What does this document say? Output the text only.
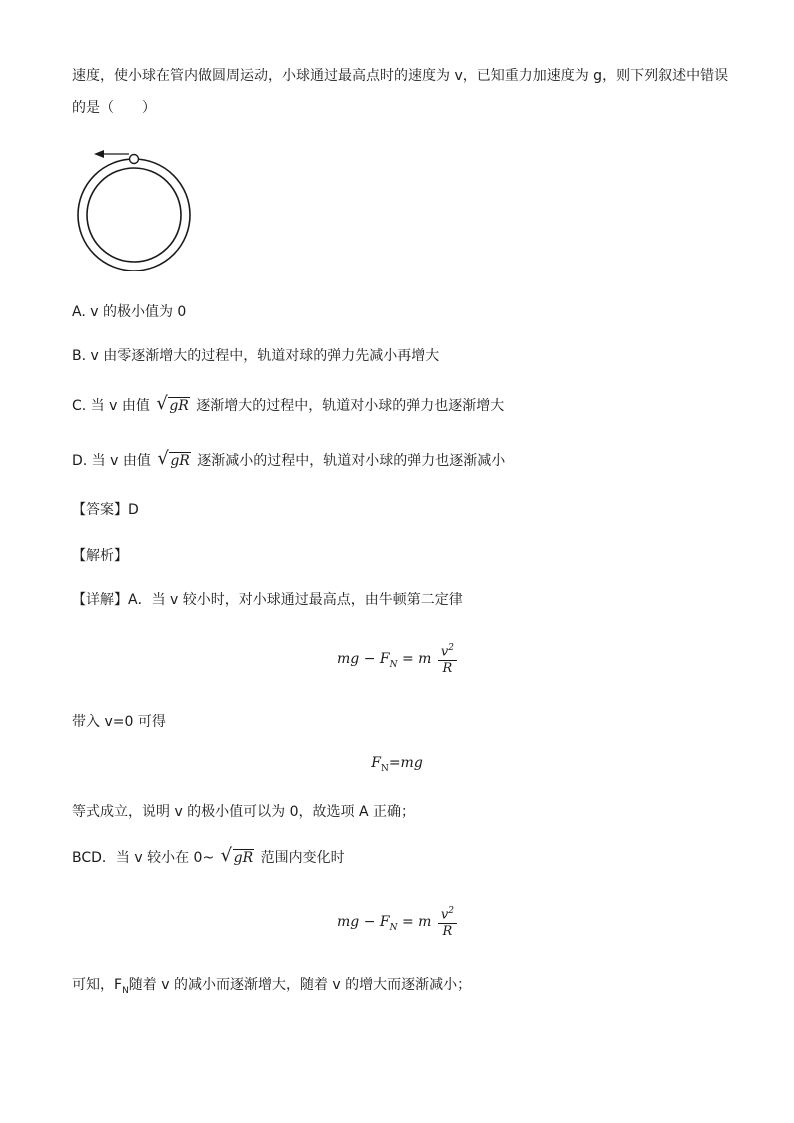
速度，使小球在管内做圆周运动，小球通过最高点时的速度为 v，已知重力加速度为 g，则下列叙述中错误
的是（　　）
A. v 的极小值为 0
B. v 由零逐渐增大的过程中，轨道对球的弹力先减小再增大
C. 当 v 由值 √ gR 逐渐增大的过程中，轨道对小球的弹力也逐渐增大
D. 当 v 由值 √ gR 逐渐减小的过程中，轨道对小球的弹力也逐渐减小
【答案】D
【解析】
【详解】A．当 v 较小时，对小球通过最高点，由牛顿第二定律
mg − $F_N = m \frac{v^2}{R}$
带入 v=0 可得
$F_N=mg$
等式成立，说明 v 的极小值可以为 0，故选项 A 正确；
BCD．当 v 较小在 0~ √ gR 范围内变化时
mg − $F_N = m \frac{v^2}{R}$
可知，$F_N$随着 v 的减小而逐渐增大，随着 v 的增大而逐渐减小；
